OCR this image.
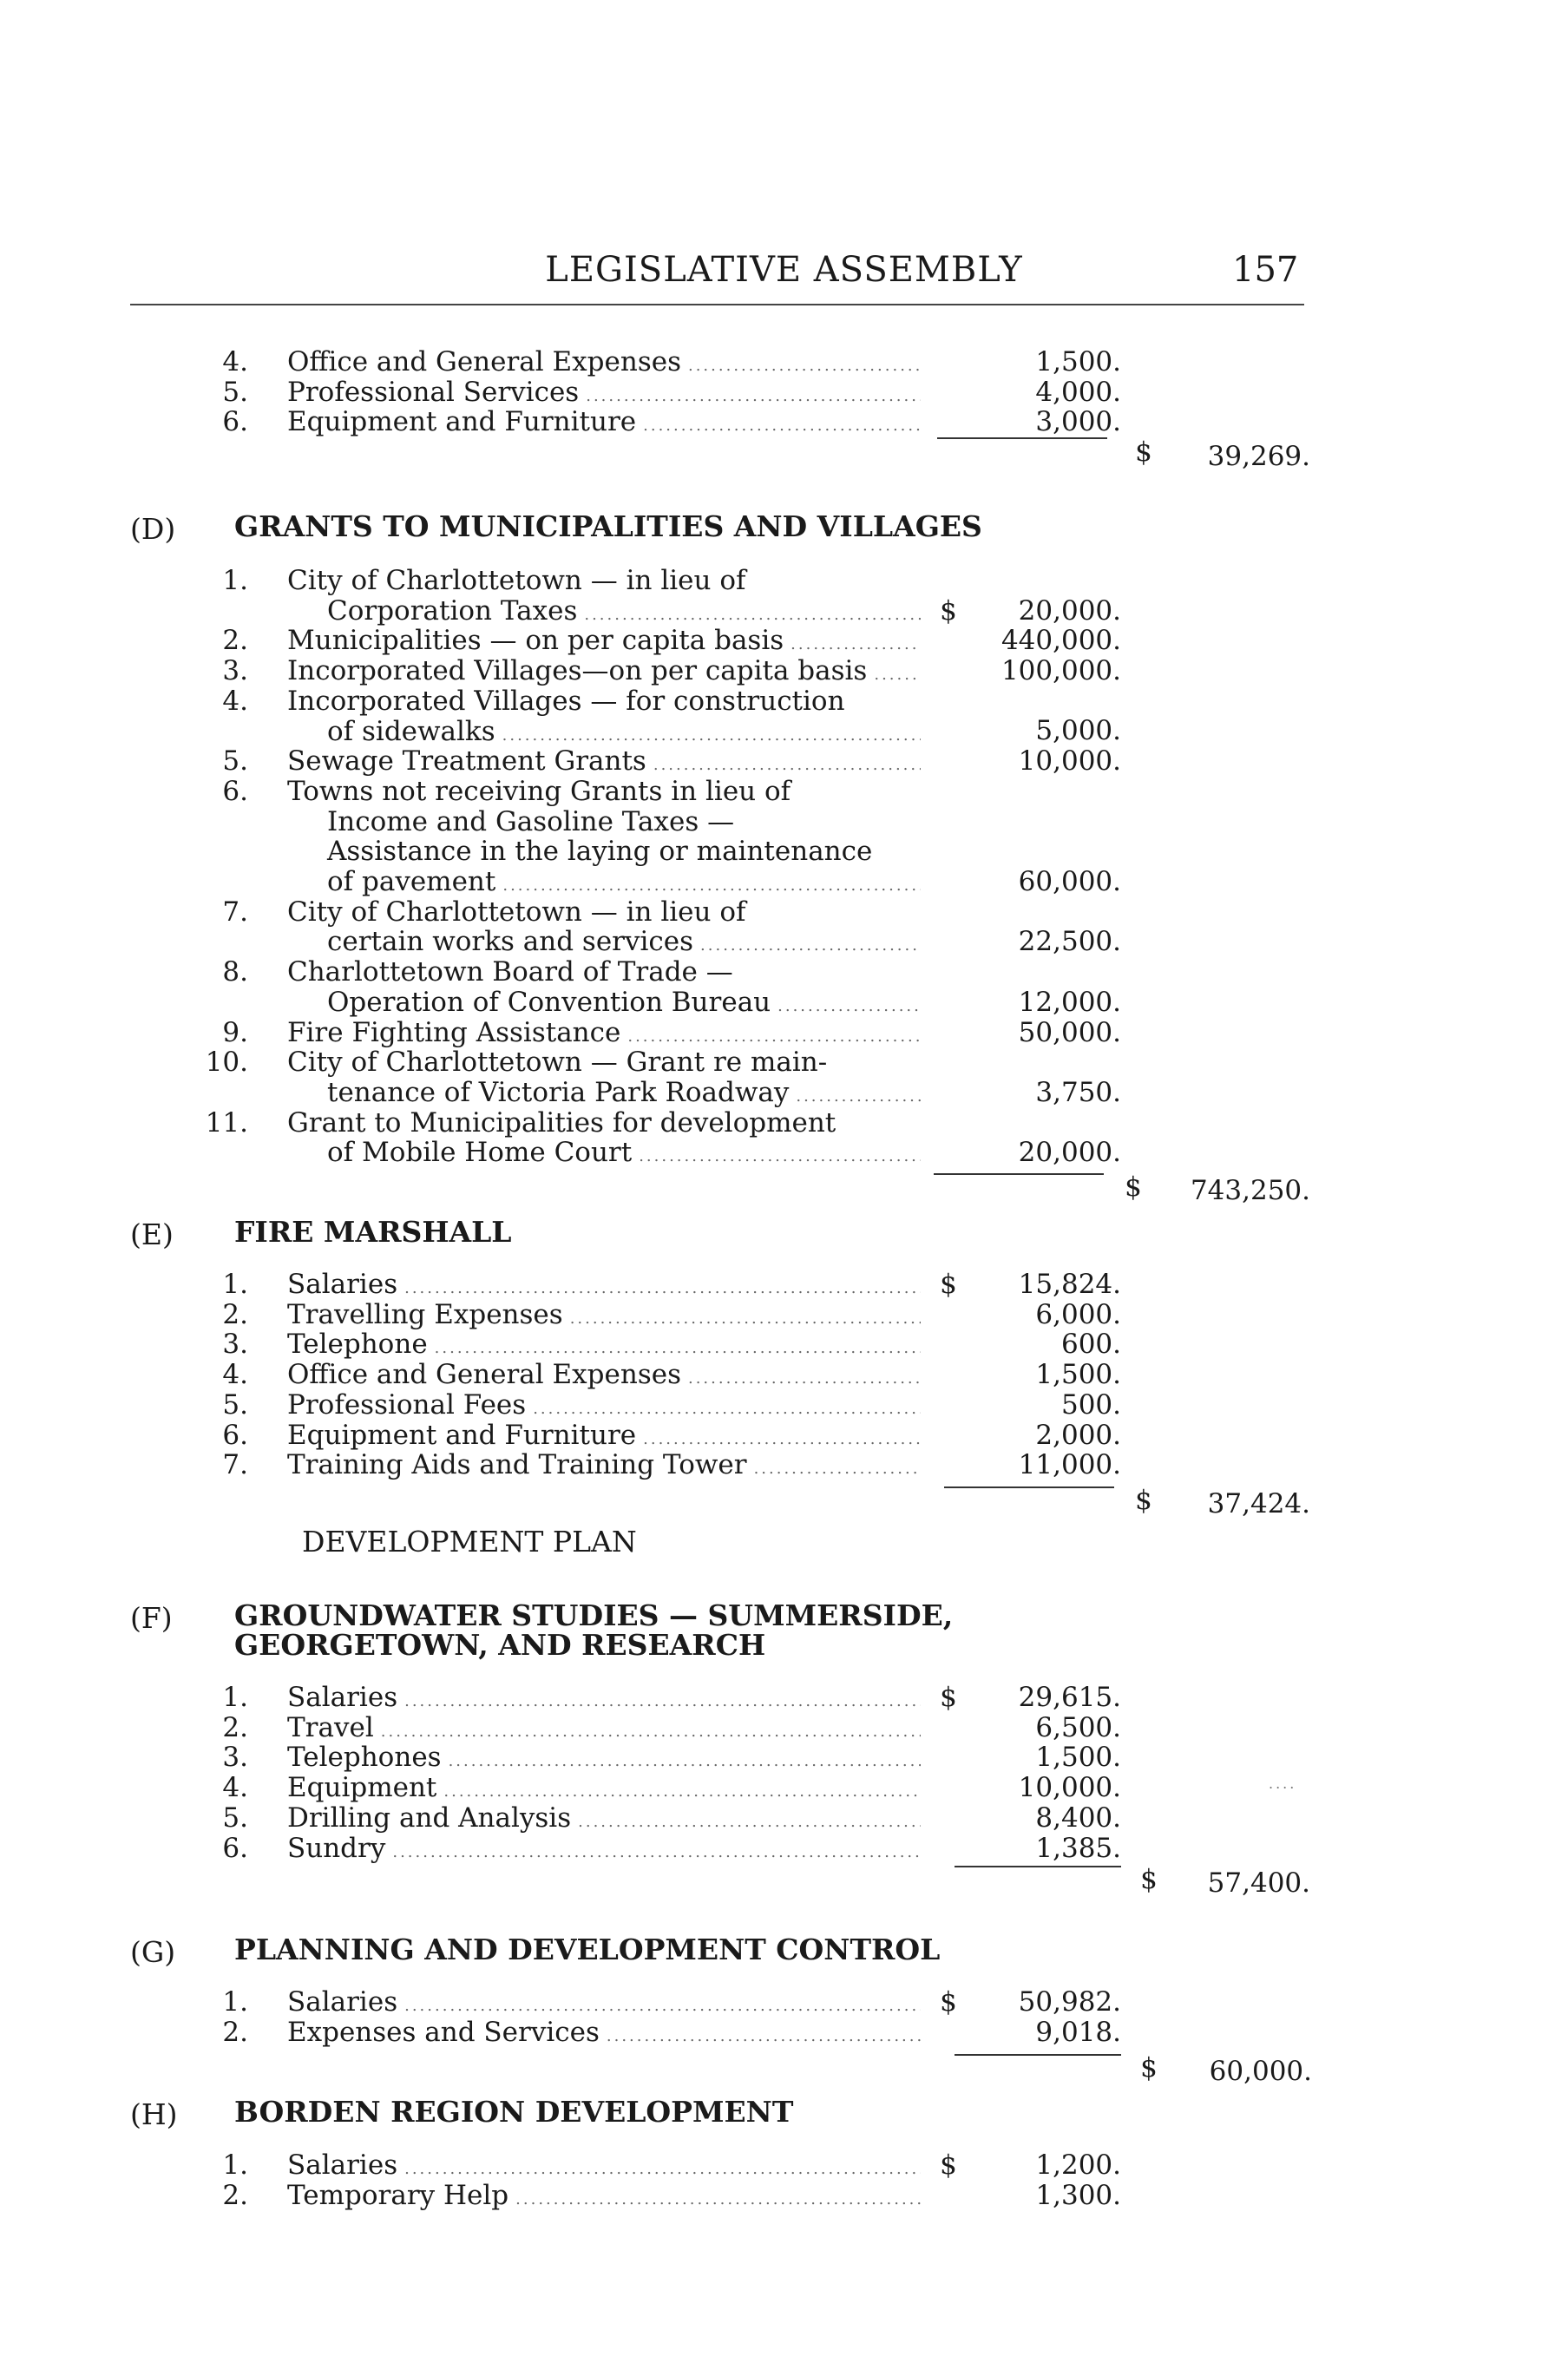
LEGISLATIVE ASSEMBLY	157
4. Office and General Expenses .....	1,500.
5. Professional Services .....	4,000.
6. Equipment and Furniture .....	3,000.
$	39,269.
(D)	GRANTS TO MUNICIPALITIES AND VILLAGES
1. City of Charlottetown — in lieu of
Corporation Taxes .....	$	20,000.
2. Municipalities — on per capita basis .....	440,000.
3. Incorporated Villages—on per capita basis .....	100,000.
4. Incorporated Villages — for construction
of sidewalks .....	5,000.
5. Sewage Treatment Grants .....	10,000.
6. Towns not receiving Grants in lieu of
Income and Gasoline Taxes —
Assistance in the laying or maintenance
of pavement .....	60,000.
7. City of Charlottetown — in lieu of
certain works and services .....	22,500.
8. Charlottetown Board of Trade —
Operation of Convention Bureau .....	12,000.
9. Fire Fighting Assistance .....	50,000.
10. City of Charlottetown — Grant re main-
tenance of Victoria Park Roadway .....	3,750.
11. Grant to Municipalities for development
of Mobile Home Court .....	20,000.
$	743,250.
(E)	FIRE MARSHALL
1. Salaries .....	$	15,824.
2. Travelling Expenses .....	6,000.
3. Telephone .....	600.
4. Office and General Expenses .....	1,500.
5. Professional Fees .....	500.
6. Equipment and Furniture .....	2,000.
7. Training Aids and Training Tower .....	11,000.
$	37,424.
(F)	GROUNDWATER STUDIES — SUMMERSIDE,
GEORGETOWN, AND RESEARCH
1. Salaries .....	$	29,615.
2. Travel .....	6,500.
3. Telephones .....	1,500.
4. Equipment .....	10,000.
5. Drilling and Analysis .....	8,400.
6. Sundry .....	1,385.
$	57,400.
(G)	PLANNING AND DEVELOPMENT CONTROL
1. Salaries .....	$	50,982.
2. Expenses and Services .....	9,018.
$	60,000.
(H)	BORDEN REGION DEVELOPMENT
1. Salaries .....	$	1,200.
2. Temporary Help .....	1,300.
DEVELOPMENT PLAN
....
